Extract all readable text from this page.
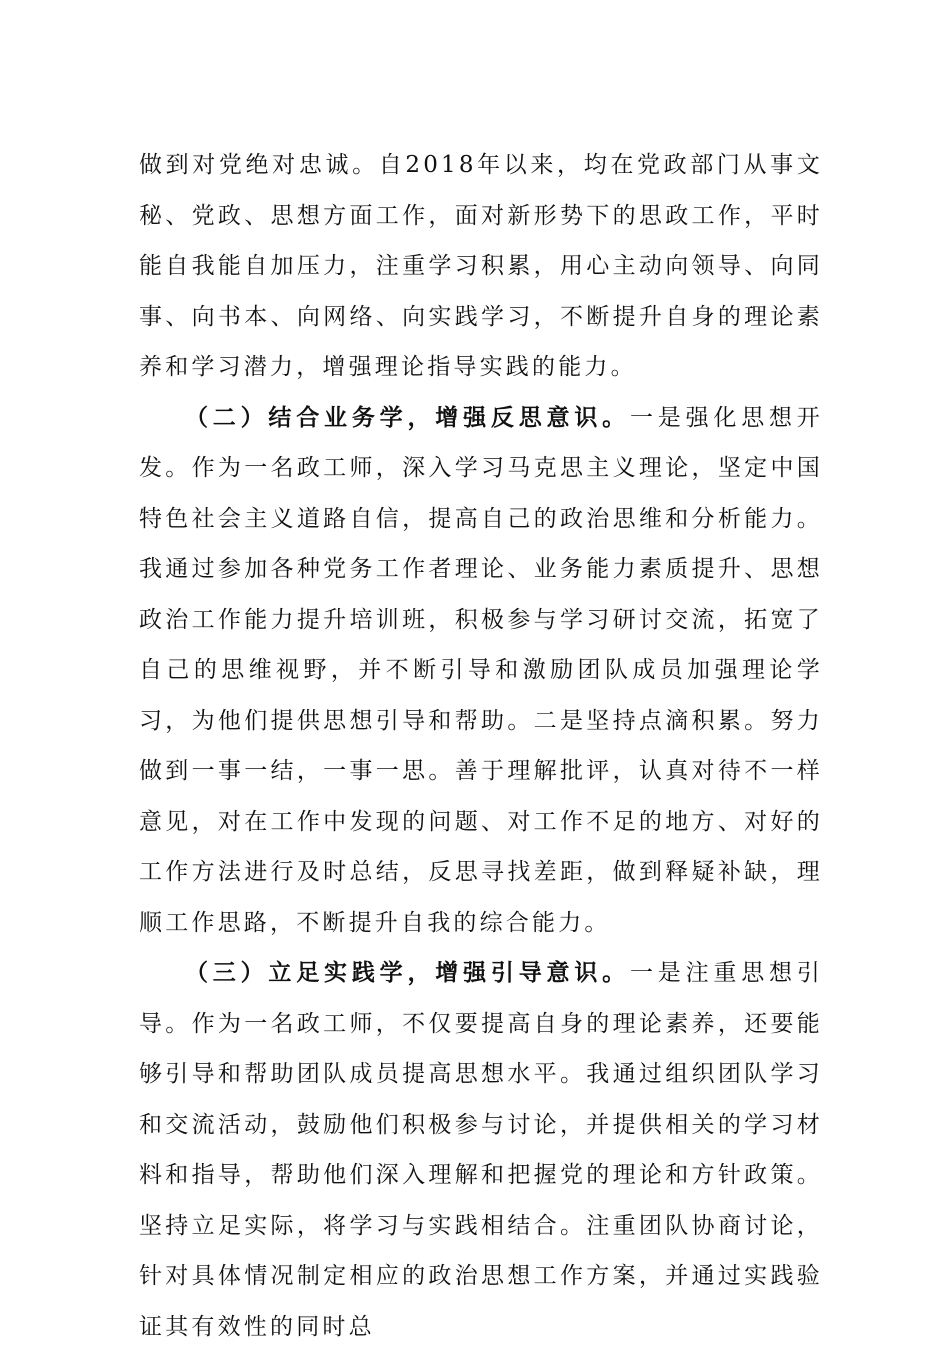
做到对党绝对忠诚。自2018年以来，均在党政部门从事文秘、党政、思想方面工作，面对新形势下的思政工作，平时能自我能自加压力，注重学习积累，用心主动向领导、向同事、向书本、向网络、向实践学习，不断提升自身的理论素养和学习潜力，增强理论指导实践的能力。

（二）结合业务学，增强反思意识。一是强化思想开发。作为一名政工师，深入学习马克思主义理论，坚定中国特色社会主义道路自信，提高自己的政治思维和分析能力。我通过参加各种党务工作者理论、业务能力素质提升、思想政治工作能力提升培训班，积极参与学习研讨交流，拓宽了自己的思维视野，并不断引导和激励团队成员加强理论学习，为他们提供思想引导和帮助。二是坚持点滴积累。努力做到一事一结，一事一思。善于理解批评，认真对待不一样意见，对在工作中发现的问题、对工作不足的地方、对好的工作方法进行及时总结，反思寻找差距，做到释疑补缺，理顺工作思路，不断提升自我的综合能力。

（三）立足实践学，增强引导意识。一是注重思想引导。作为一名政工师，不仅要提高自身的理论素养，还要能够引导和帮助团队成员提高思想水平。我通过组织团队学习和交流活动，鼓励他们积极参与讨论，并提供相关的学习材料和指导，帮助他们深入理解和把握党的理论和方针政策。坚持立足实际，将学习与实践相结合。注重团队协商讨论，针对具体情况制定相应的政治思想工作方案，并通过实践验证其有效性的同时总
